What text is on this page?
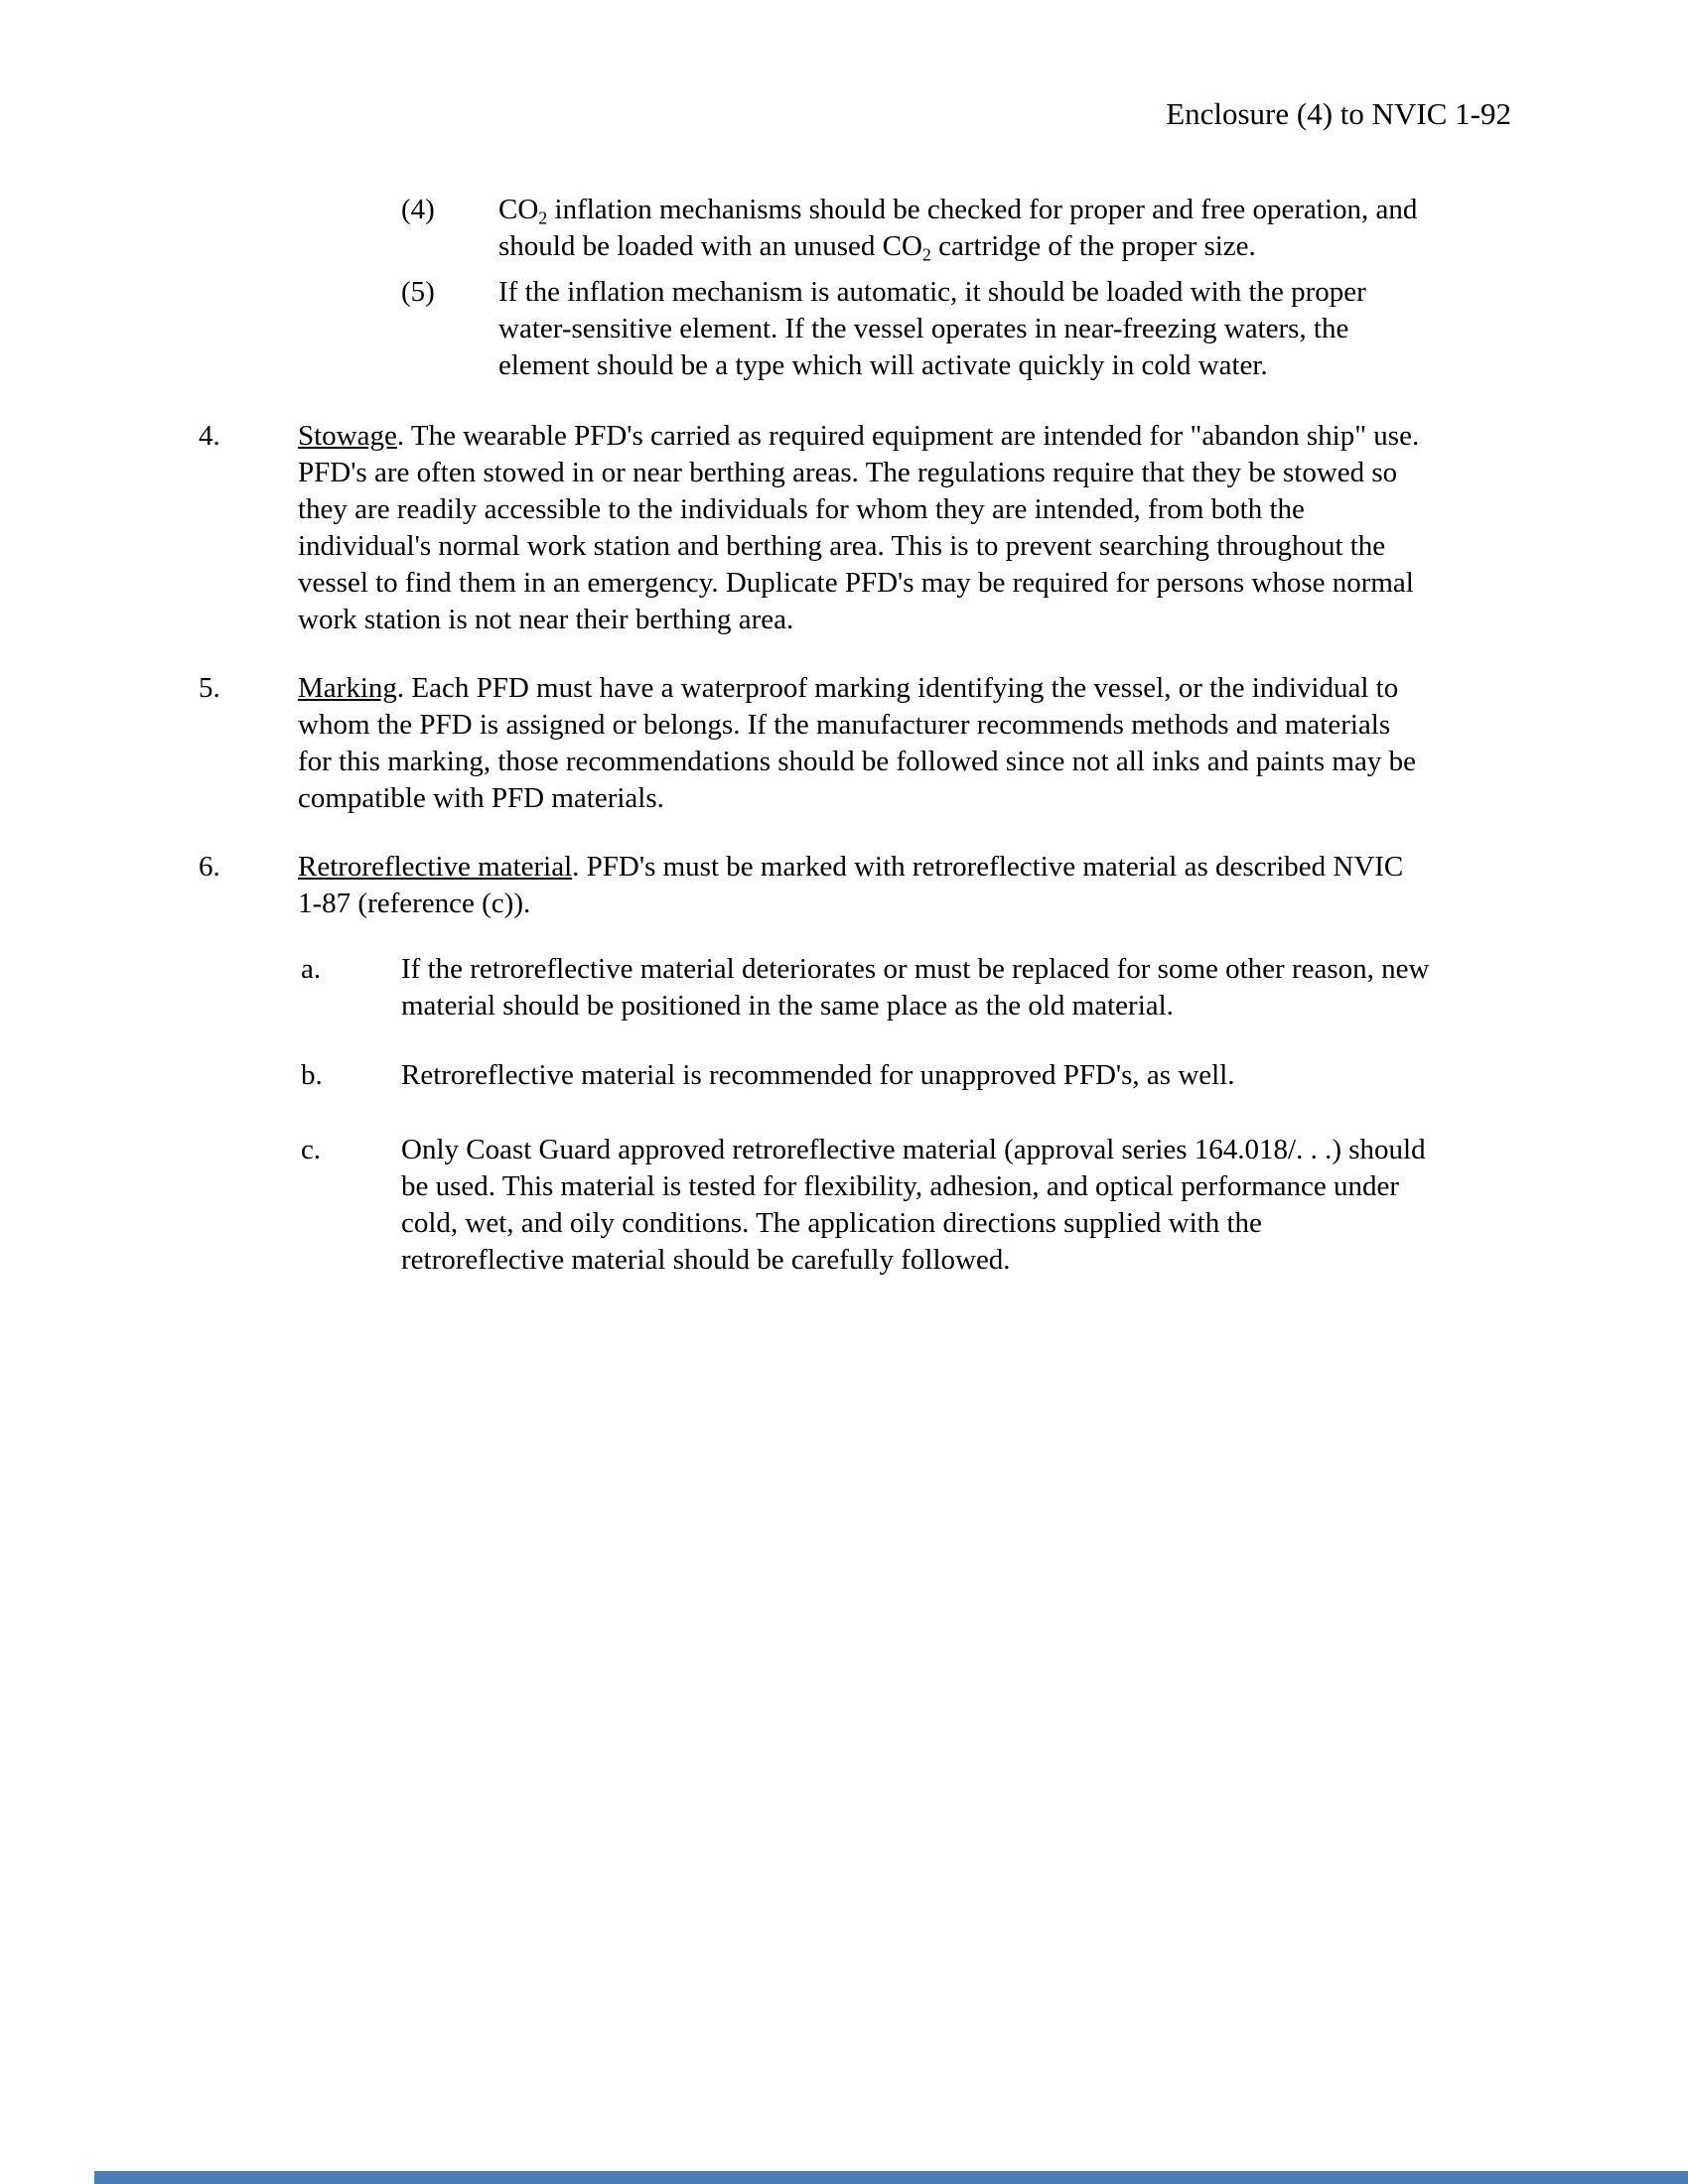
Enclosure (4) to NVIC 1-92
(4)	$CO_2$ inflation mechanisms should be checked for proper and free operation, and
should be loaded with an unused $CO_2$ cartridge of the proper size.
(5)	If the inflation mechanism is automatic, it should be loaded with the proper
water-sensitive element. If the vessel operates in near-freezing waters, the
element should be a type which will activate quickly in cold water.
4.	Stowage. The wearable PFD's carried as required equipment are intended for "abandon ship" use.
PFD's are often stowed in or near berthing areas. The regulations require that they be stowed so
they are readily accessible to the individuals for whom they are intended, from both the
individual's normal work station and berthing area. This is to prevent searching throughout the
vessel to find them in an emergency. Duplicate PFD's may be required for persons whose normal
work station is not near their berthing area.
5.	Marking. Each PFD must have a waterproof marking identifying the vessel, or the individual to
whom the PFD is assigned or belongs. If the manufacturer recommends methods and materials
for this marking, those recommendations should be followed since not all inks and paints may be
compatible with PFD materials.
6.	Retroreflective material. PFD's must be marked with retroreflective material as described NVIC
1-87 (reference (c)).
a.	If the retroreflective material deteriorates or must be replaced for some other reason, new
material should be positioned in the same place as the old material.
b.	Retroreflective material is recommended for unapproved PFD's, as well.
c.	Only Coast Guard approved retroreflective material (approval series 164.018/. . .) should
be used. This material is tested for flexibility, adhesion, and optical performance under
cold, wet, and oily conditions. The application directions supplied with the
retroreflective material should be carefully followed.
